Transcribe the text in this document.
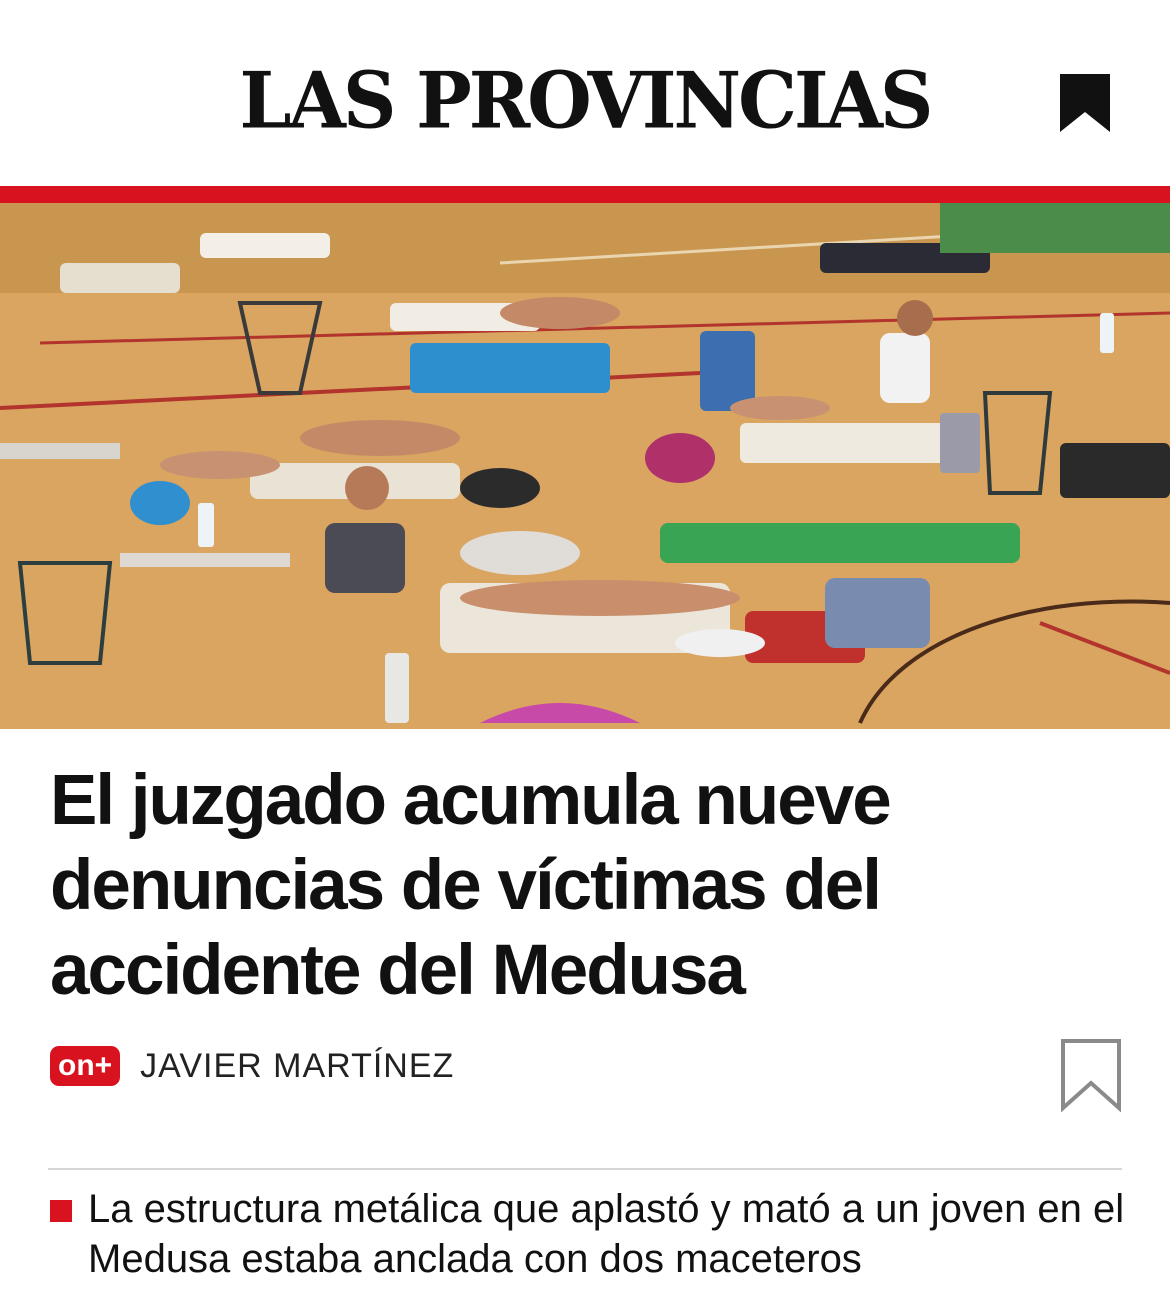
LAS PROVINCIAS
El juzgado acumula nueve denuncias de víctimas del accidente del Medusa
on+ JAVIER MARTÍNEZ
La estructura metálica que aplastó y mató a un joven en el Medusa estaba anclada con dos maceteros
